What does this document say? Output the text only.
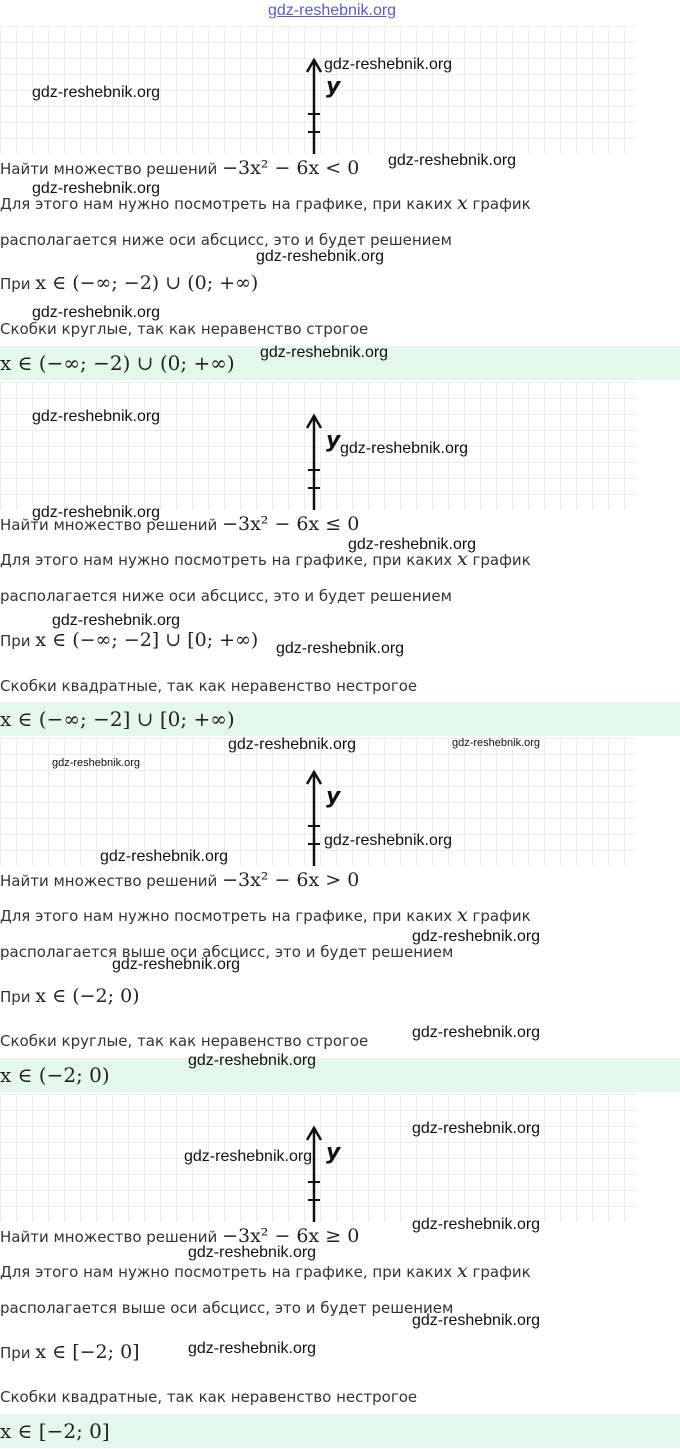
gdz-reshebnik.org
y
Найти множество решений −3x² − 6x < 0
Для этого нам нужно посмотреть на графике, при каких x график
располагается ниже оси абсцисс, это и будет решением
При x ∈ (−∞; −2) ∪ (0; +∞)
Скобки круглые, так как неравенство строгое
x ∈ (−∞; −2) ∪ (0; +∞)
y
Найти множество решений −3x² − 6x ≤ 0
Для этого нам нужно посмотреть на графике, при каких x график
располагается ниже оси абсцисс, это и будет решением
При x ∈ (−∞; −2] ∪ [0; +∞)
Скобки квадратные, так как неравенство нестрогое
x ∈ (−∞; −2] ∪ [0; +∞)
y
Найти множество решений −3x² − 6x > 0
Для этого нам нужно посмотреть на графике, при каких x график
располагается выше оси абсцисс, это и будет решением
При x ∈ (−2; 0)
Скобки круглые, так как неравенство строгое
x ∈ (−2; 0)
y
Найти множество решений −3x² − 6x ≥ 0
Для этого нам нужно посмотреть на графике, при каких x график
располагается выше оси абсцисс, это и будет решением
При x ∈ [−2; 0]
Скобки квадратные, так как неравенство нестрогое
x ∈ [−2; 0]
gdz-reshebnik.org
gdz-reshebnik.org
gdz-reshebnik.org
gdz-reshebnik.org
gdz-reshebnik.org
gdz-reshebnik.org
gdz-reshebnik.org
gdz-reshebnik.org
gdz-reshebnik.org
gdz-reshebnik.org
gdz-reshebnik.org
gdz-reshebnik.org
gdz-reshebnik.org
gdz-reshebnik.org	gdz-reshebnik.org
gdz-reshebnik.org
gdz-reshebnik.org
gdz-reshebnik.org
gdz-reshebnik.org
gdz-reshebnik.org
gdz-reshebnik.org
gdz-reshebnik.org
gdz-reshebnik.org
gdz-reshebnik.org
gdz-reshebnik.org
gdz-reshebnik.org
gdz-reshebnik.org
gdz-reshebnik.org
